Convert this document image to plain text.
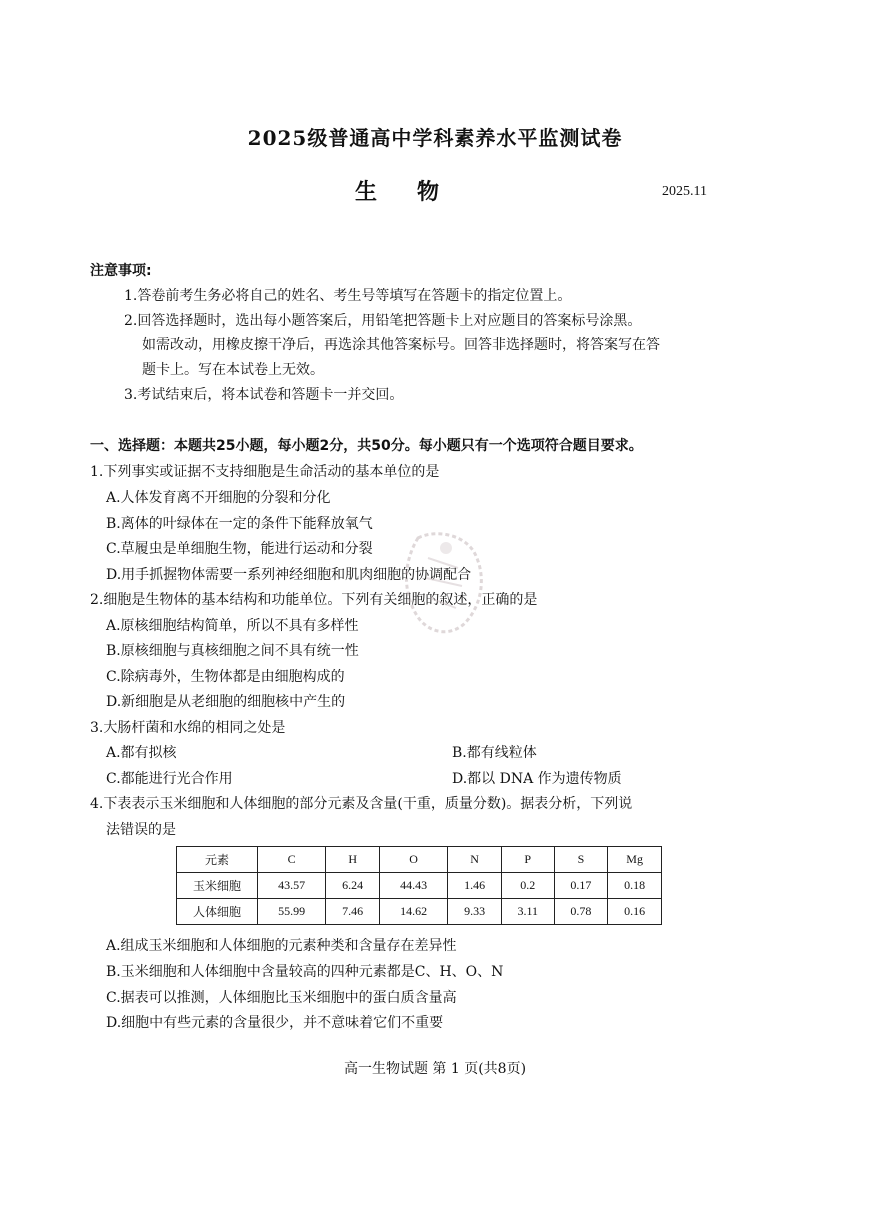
2025级普通高中学科素养水平监测试卷
生物	2025.11
注意事项:
1.答卷前考生务必将自己的姓名、考生号等填写在答题卡的指定位置上。
2.回答选择题时，选出每小题答案后，用铅笔把答题卡上对应题目的答案标号涂黑。
如需改动，用橡皮擦干净后，再选涂其他答案标号。回答非选择题时，将答案写在答
题卡上。写在本试卷上无效。
3.考试结束后，将本试卷和答题卡一并交回。
一、选择题：本题共25小题，每小题2分，共50分。每小题只有一个选项符合题目要求。
1.下列事实或证据不支持细胞是生命活动的基本单位的是
A.人体发育离不开细胞的分裂和分化
B.离体的叶绿体在一定的条件下能释放氧气
C.草履虫是单细胞生物，能进行运动和分裂
D.用手抓握物体需要一系列神经细胞和肌肉细胞的协调配合
2.细胞是生物体的基本结构和功能单位。下列有关细胞的叙述，正确的是
A.原核细胞结构简单，所以不具有多样性
B.原核细胞与真核细胞之间不具有统一性
C.除病毒外，生物体都是由细胞构成的
D.新细胞是从老细胞的细胞核中产生的
3.大肠杆菌和水绵的相同之处是
A.都有拟核	B.都有线粒体
C.都能进行光合作用	D.都以 DNA 作为遗传物质
4.下表表示玉米细胞和人体细胞的部分元素及含量(干重，质量分数)。据表分析，下列说
法错误的是
元素	C	H	O	N	P	S	Mg
玉米细胞	43.57	6.24	44.43	1.46	0.2	0.17	0.18
人体细胞	55.99	7.46	14.62	9.33	3.11	0.78	0.16
A.组成玉米细胞和人体细胞的元素种类和含量存在差异性
B.玉米细胞和人体细胞中含量较高的四种元素都是C、H、O、N
C.据表可以推测，人体细胞比玉米细胞中的蛋白质含量高
D.细胞中有些元素的含量很少，并不意味着它们不重要
高一生物试题 第 1 页(共8页)
